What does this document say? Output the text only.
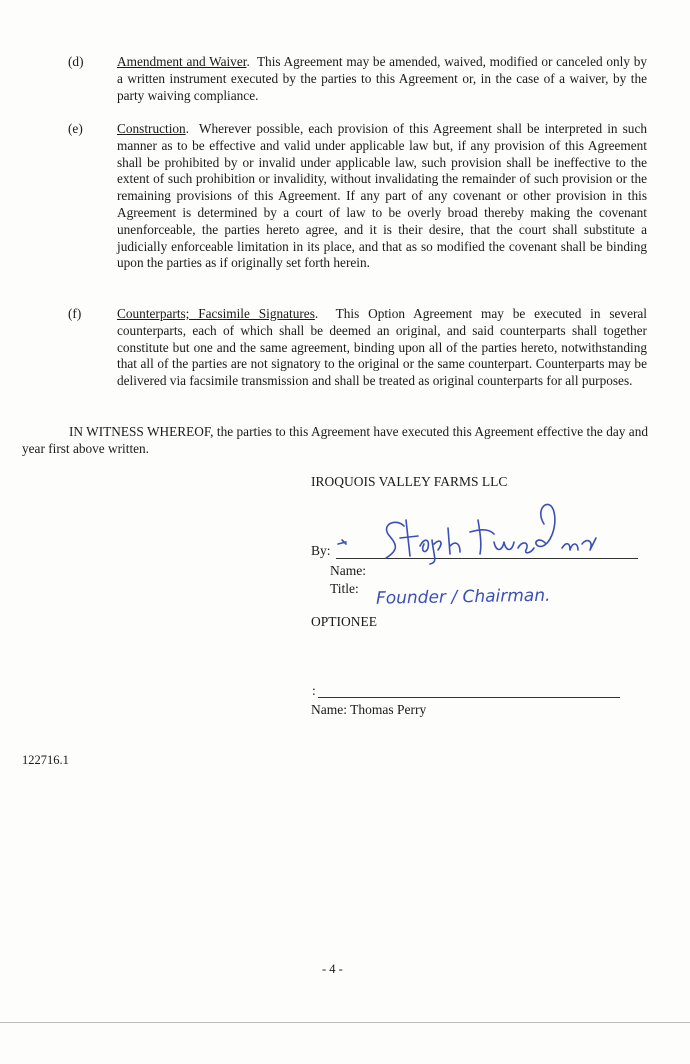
(d)	Amendment and Waiver.  This Agreement may be amended, waived, modified or canceled only by a written instrument executed by the parties to this Agreement or, in the case of a waiver, by the party waiving compliance.
(e)	Construction.  Wherever possible, each provision of this Agreement shall be interpreted in such manner as to be effective and valid under applicable law but, if any provision of this Agreement shall be prohibited by or invalid under applicable law, such provision shall be ineffective to the extent of such prohibition or invalidity, without invalidating the remainder of such provision or the remaining provisions of this Agreement. If any part of any covenant or other provision in this Agreement is determined by a court of law to be overly broad thereby making the covenant unenforceable, the parties hereto agree, and it is their desire, that the court shall substitute a judicially enforceable limitation in its place, and that as so modified the covenant shall be binding upon the parties as if originally set forth herein.
(f)	Counterparts; Facsimile Signatures.  This Option Agreement may be executed in several counterparts, each of which shall be deemed an original, and said counterparts shall together constitute but one and the same agreement, binding upon all of the parties hereto, notwithstanding that all of the parties are not signatory to the original or the same counterpart. Counterparts may be delivered via facsimile transmission and shall be treated as original counterparts for all purposes.
IN WITNESS WHEREOF, the parties to this Agreement have executed this Agreement effective the day and year first above written.
IROQUOIS VALLEY FARMS LLC
By:
Name:
Title: Founder / Chairman.
OPTIONEE
:
Name: Thomas Perry
122716.1
- 4 -
